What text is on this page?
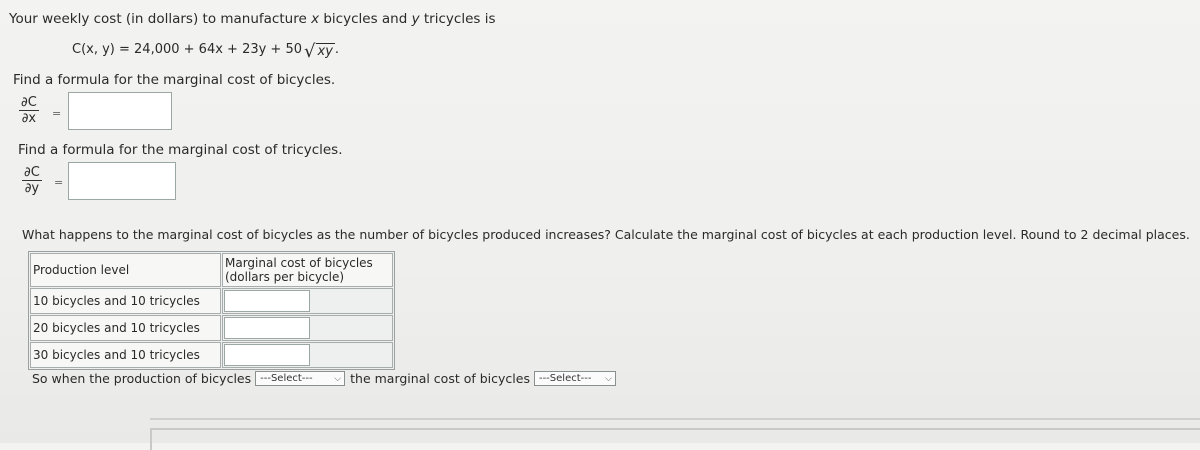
Your weekly cost (in dollars) to manufacture x bicycles and y tricycles is
C(x, y) = 24,000 + 64x + 23y + 50 √ xy .
Find a formula for the marginal cost of bicycles.
$\frac{\partial C}{\partial x}$ =
Find a formula for the marginal cost of tricycles.
$\frac{\partial C}{\partial y}$ =
What happens to the marginal cost of bicycles as the number of bicycles produced increases? Calculate the marginal cost of bicycles at each production level. Round to 2 decimal places.
Production level	Marginal cost of bicycles
(dollars per bicycle)

10 bicycles and 10 tricycles	

20 bicycles and 10 tricycles	

30 bicycles and 10 tricycles	
So when the production of bicycles ---Select--- ⌵ the marginal cost of bicycles ---Select--- ⌵
